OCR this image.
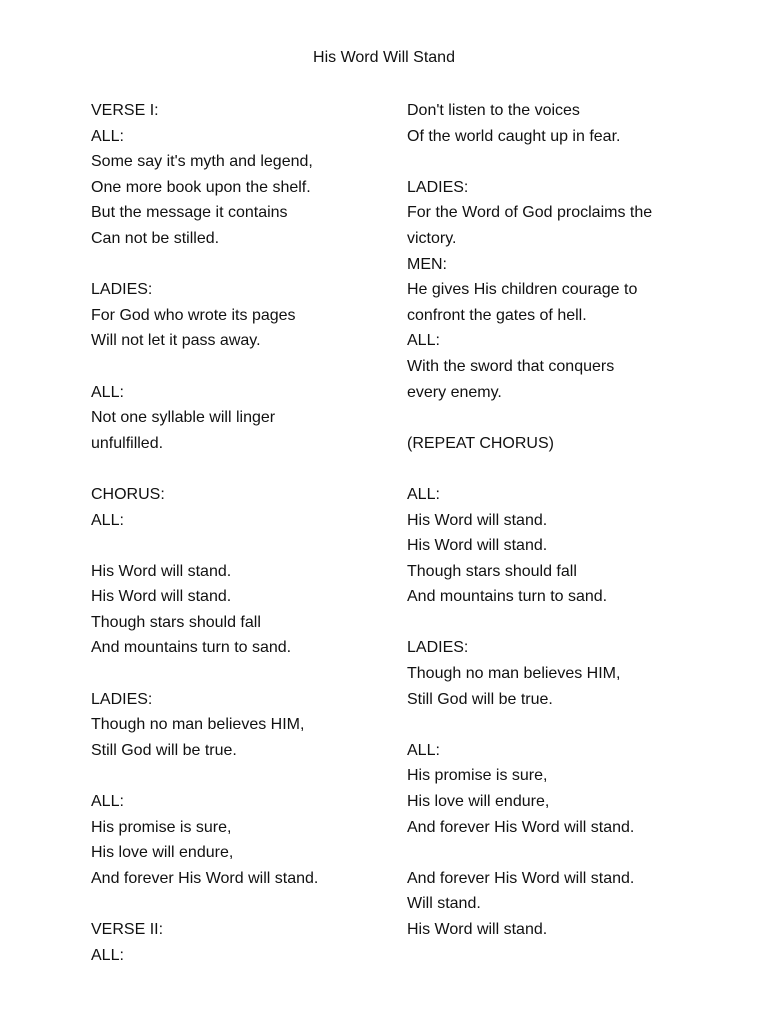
His Word Will Stand
VERSE I:
ALL:
Some say it's myth and legend,
One more book upon the shelf.
But the message it contains
Can not be stilled.
LADIES:
For God who wrote its pages
Will not let it pass away.
ALL:
Not one syllable will linger
unfulfilled.
CHORUS:
ALL:
His Word will stand.
His Word will stand.
Though stars should fall
And mountains turn to sand.
LADIES:
Though no man believes HIM,
Still God will be true.
ALL:
His promise is sure,
His love will endure,
And forever His Word will stand.
VERSE II:
ALL:
Don't listen to the voices
Of the world caught up in fear.
LADIES:
For the Word of God proclaims the
victory.
MEN:
He gives His children courage to
confront the gates of hell.
ALL:
With the sword that conquers
every enemy.
(REPEAT CHORUS)
ALL:
His Word will stand.
His Word will stand.
Though stars should fall
And mountains turn to sand.
LADIES:
Though no man believes HIM,
Still God will be true.
ALL:
His promise is sure,
His love will endure,
And forever His Word will stand.
And forever His Word will stand.
Will stand.
His Word will stand.
